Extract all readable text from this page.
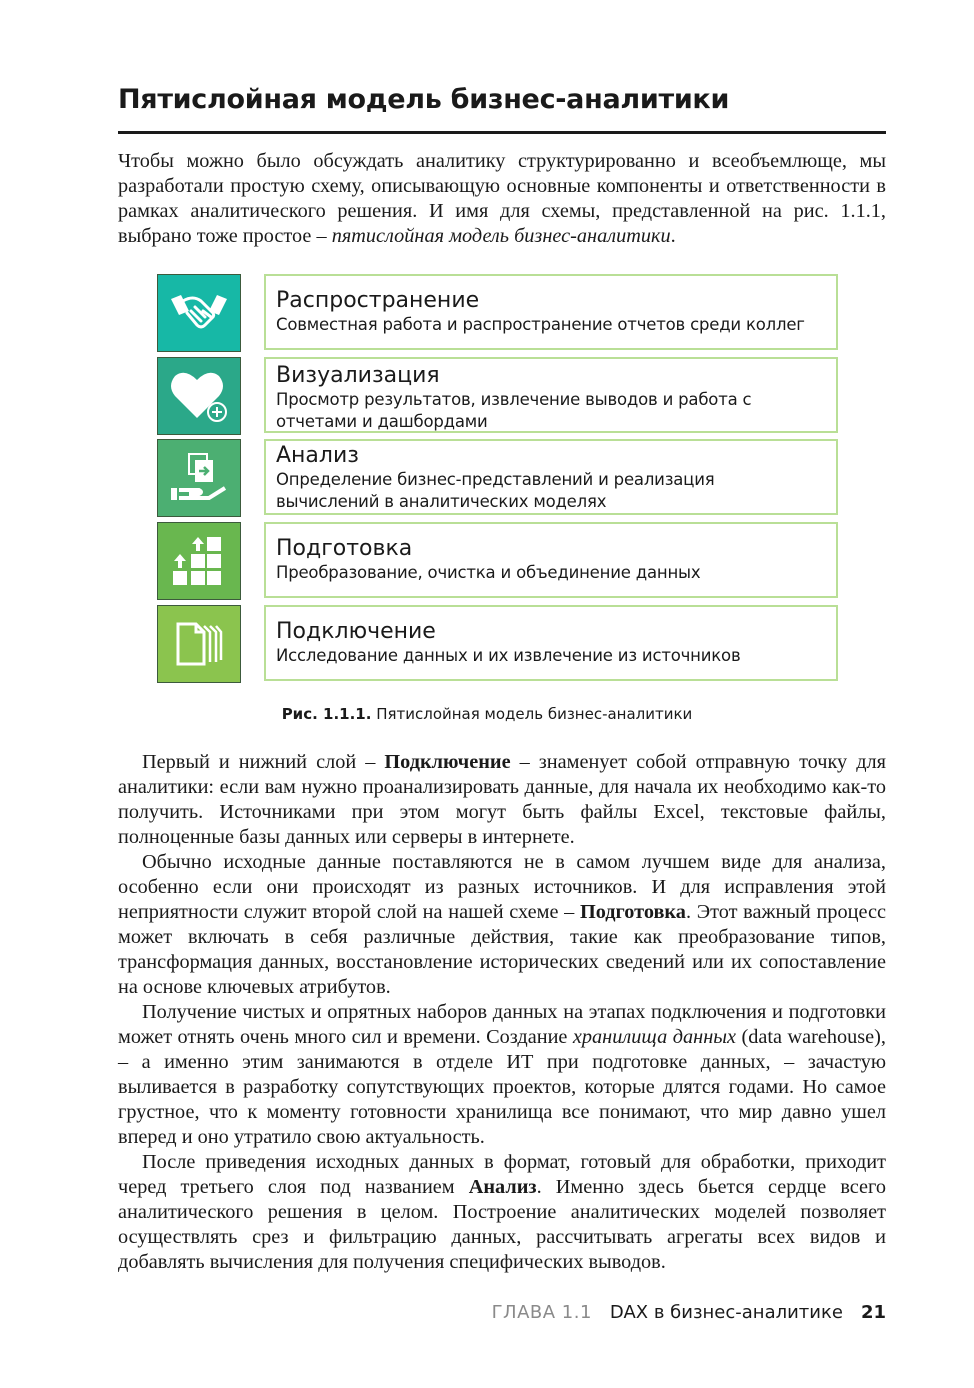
Пятислойная модель бизнес-аналитики

Чтобы можно было обсуждать аналитику структурированно и всеобъемлюще, мы разработали простую схему, описывающую основные компоненты и ответственности в рамках аналитического решения. И имя для схемы, представленной на рис. 1.1.1, выбрано тоже простое – пятислойная модель бизнес-аналитики.

Распространение
Совместная работа и распространение отчетов среди коллег
Визуализация
Просмотр результатов, извлечение выводов и работа с отчетами и дашбордами
Анализ
Определение бизнес-представлений и реализация вычислений в аналитических моделях
Подготовка
Преобразование, очистка и объединение данных
Подключение
Исследование данных и их извлечение из источников
Рис. 1.1.1. Пятислойная модель бизнес-аналитики

Первый и нижний слой – Подключение – знаменует собой отправную точку для аналитики: если вам нужно проанализировать данные, для начала их необходимо как-то получить. Источниками при этом могут быть файлы Excel, текстовые файлы, полноценные базы данных или серверы в интернете.

Обычно исходные данные поставляются не в самом лучшем виде для анализа, особенно если они происходят из разных источников. И для исправления этой неприятности служит второй слой на нашей схеме – Подготовка. Этот важный процесс может включать в себя различные действия, такие как преобразование типов, трансформация данных, восстановление исторических сведений или их сопоставление на основе ключевых атрибутов.

Получение чистых и опрятных наборов данных на этапах подключения и подготовки может отнять очень много сил и времени. Создание хранилища данных (data warehouse), – а именно этим занимаются в отделе ИТ при подготовке данных, – зачастую выливается в разработку сопутствующих проектов, которые длятся годами. Но самое грустное, что к моменту готовности хранилища все понимают, что мир давно ушел вперед и оно утратило свою актуальность.

После приведения исходных данных в формат, готовый для обработки, приходит черед третьего слоя под названием Анализ. Именно здесь бьется сердце всего аналитического решения в целом. Построение аналитических моделей позволяет осуществлять срез и фильтрацию данных, рассчитывать агрегаты всех видов и добавлять вычисления для получения специфических выводов.

ГЛАВА 1.1 DAX в бизнес-аналитике 21
